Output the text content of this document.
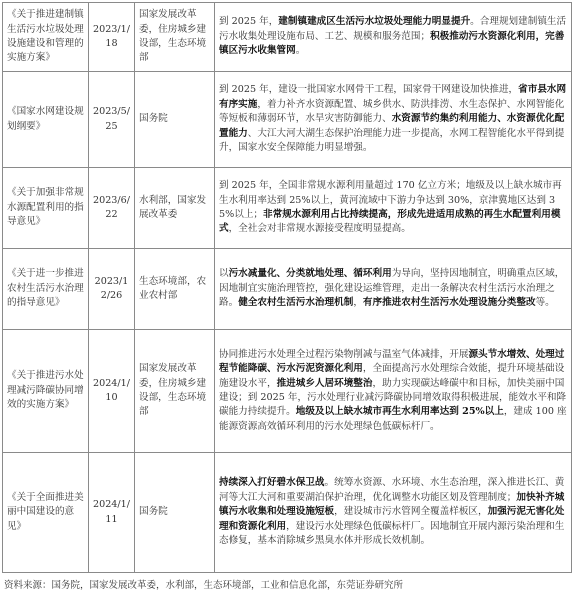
《关于推进建制镇生活污水垃圾处理设施建设和管理的实施方案》	2023/1/18	国家发展改革委，住房城乡建设部，生态环境部	到 2025 年，建制镇建成区生活污水垃圾处理能力明显提升。合理规划建制镇生活污水收集处理设施布局、工艺、规模和服务范围；积极推动污水资源化利用，完善镇区污水收集管网。
《国家水网建设规划纲要》	2023/5/25	国务院	到 2025 年，建设一批国家水网骨干工程，国家骨干网建设加快推进，省市县水网有序实施，着力补齐水资源配置、城乡供水、防洪排涝、水生态保护、水网智能化等短板和薄弱环节，水旱灾害防御能力、水资源节约集约利用能力、水资源优化配置能力、大江大河大湖生态保护治理能力进一步提高，水网工程智能化水平得到提升，国家水安全保障能力明显增强。
《关于加强非常规水源配置利用的指导意见》	2023/6/22	水利部，国家发展改革委	到 2025 年，全国非常规水源利用量超过 170 亿立方米；地级及以上缺水城市再生水利用率达到 25%以上，黄河流域中下游力争达到 30%，京津冀地区达到 35%以上；非常规水源利用占比持续提高，形成先进适用成熟的再生水配置利用模式，全社会对非常规水源接受程度明显提高。
《关于进一步推进农村生活污水治理的指导意见》	2023/12/26	生态环境部，农业农村部	以污水减量化、分类就地处理、循环利用为导向，坚持因地制宜，明确重点区域，因地制宜实施治理管控，强化建设运维管理，走出一条解决农村生活污水治理之路。健全农村生活污水治理机制，有序推进农村生活污水处理设施分类整改等。
《关于推进污水处理减污降碳协同增效的实施方案》	2024/1/10	国家发展改革委，住房城乡建设部，生态环境部	协同推进污水处理全过程污染物削减与温室气体减排，开展源头节水增效、处理过程节能降碳、污水污泥资源化利用，全面提高污水处理综合效能，提升环境基础设施建设水平，推进城乡人居环境整治，助力实现碳达峰碳中和目标，加快美丽中国建设；到 2025 年，污水处理行业减污降碳协同增效取得积极进展，能效水平和降碳能力持续提升。地级及以上缺水城市再生水利用率达到 25%以上，建成 100 座能源资源高效循环利用的污水处理绿色低碳标杆厂。
《关于全面推进美丽中国建设的意见》	2024/1/11	国务院	持续深入打好碧水保卫战。统筹水资源、水环境、水生态治理，深入推进长江、黄河等大江大河和重要湖泊保护治理，优化调整水功能区划及管理制度；加快补齐城镇污水收集和处理设施短板，建设城市污水管网全覆盖样板区，加强污泥无害化处理和资源化利用，建设污水处理绿色低碳标杆厂。因地制宜开展内源污染治理和生态修复，基本消除城乡黑臭水体并形成长效机制。
资料来源：国务院，国家发展改革委，水利部，生态环境部，工业和信息化部，东莞证券研究所
